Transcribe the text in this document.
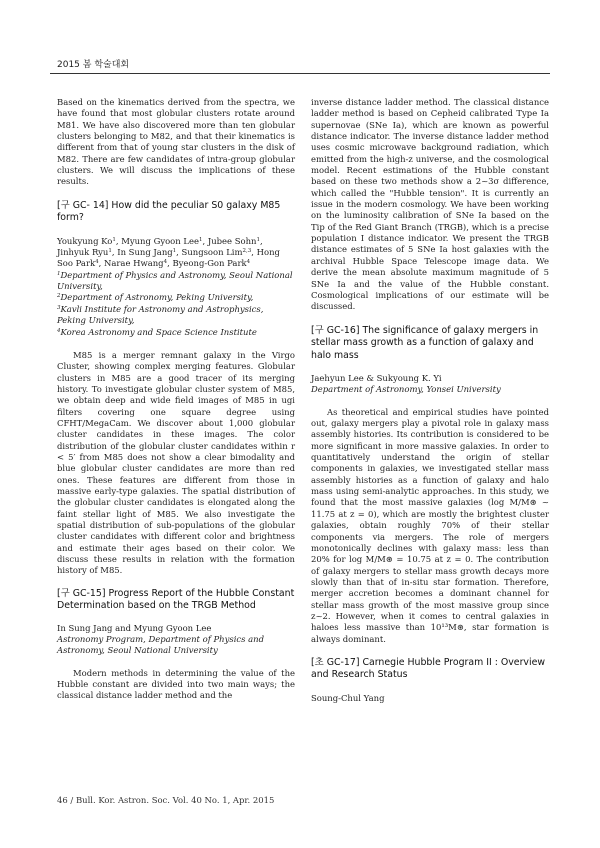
2015 봄 학술대회

Based on the kinematics derived from the spectra, we have found that most globular clusters rotate around M81. We have also discovered more than ten globular clusters belonging to M82, and that their kinematics is different from that of young star clusters in the disk of M82. There are few candidates of intra-group globular clusters. We will discuss the implications of these results.

[구 GC- 14] How did the peculiar S0 galaxy M85 form?
Youkyung Ko$^1$, Myung Gyoon Lee$^1$, Jubee Sohn$^1$, Jinhyuk Ryu$^1$, In Sung Jang$^1$, Sungsoon Lim$^{2,3}$, Hong Soo Park$^4$, Narae Hwang$^4$, Byeong-Gon Park$^4$
$^1$Department of Physics and Astronomy, Seoul National University,
$^2$Department of Astronomy, Peking University,
$^3$Kavli Institute for Astronomy and Astrophysics, Peking University,
$^4$Korea Astronomy and Space Science Institute

M85 is a merger remnant galaxy in the Virgo Cluster, showing complex merging features. Globular clusters in M85 are a good tracer of its merging history. To investigate globular cluster system of M85, we obtain deep and wide field images of M85 in ugi filters covering one square degree using CFHT/MegaCam. We discover about 1,000 globular cluster candidates in these images. The color distribution of the globular cluster candidates within r < 5′ from M85 does not show a clear bimodality and blue globular cluster candidates are more than red ones. These features are different from those in massive early-type galaxies. The spatial distribution of the globular cluster candidates is elongated along the faint stellar light of M85. We also investigate the spatial distribution of sub-populations of the globular cluster candidates with different color and brightness and estimate their ages based on their color. We discuss these results in relation with the formation history of M85.

[구 GC-15] Progress Report of the Hubble Constant Determination based on the TRGB Method
In Sung Jang and Myung Gyoon Lee
Astronomy Program, Department of Physics and Astronomy, Seoul National University

Modern methods in determining the value of the Hubble constant are divided into two main ways; the classical distance ladder method and the

inverse distance ladder method. The classical distance ladder method is based on Cepheid calibrated Type Ia supernovae (SNe Ia), which are known as powerful distance indicator. The inverse distance ladder method uses cosmic microwave background radiation, which emitted from the high-z universe, and the cosmological model. Recent estimations of the Hubble constant based on these two methods show a 2~3σ difference, which called the "Hubble tension". It is currently an issue in the modern cosmology. We have been working on the luminosity calibration of SNe Ia based on the Tip of the Red Giant Branch (TRGB), which is a precise population I distance indicator. We present the TRGB distance estimates of 5 SNe Ia host galaxies with the archival Hubble Space Telescope image data. We derive the mean absolute maximum magnitude of 5 SNe Ia and the value of the Hubble constant. Cosmological implications of our estimate will be discussed.

[구 GC-16] The significance of galaxy mergers in stellar mass growth as a function of galaxy and halo mass
Jaehyun Lee & Sukyoung K. Yi
Department of Astronomy, Yonsei University

As theoretical and empirical studies have pointed out, galaxy mergers play a pivotal role in galaxy mass assembly histories. Its contribution is considered to be more significant in more massive galaxies. In order to quantitatively understand the origin of stellar components in galaxies, we investigated stellar mass assembly histories as a function of galaxy and halo mass using semi-analytic approaches. In this study, we found that the most massive galaxies (log M/M⊛ ~ 11.75 at z = 0), which are mostly the brightest cluster galaxies, obtain roughly 70% of their stellar components via mergers. The role of mergers monotonically declines with galaxy mass: less than 20% for log M/M⊛ = 10.75 at z = 0. The contribution of galaxy mergers to stellar mass growth decays more slowly than that of in-situ star formation. Therefore, merger accretion becomes a dominant channel for stellar mass growth of the most massive group since z~2. However, when it comes to central galaxies in haloes less massive than 10¹³M⊛, star formation is always dominant.

[초 GC-17] Carnegie Hubble Program II : Overview and Research Status
Soung-Chul Yang
46 / Bull. Kor. Astron. Soc. Vol. 40 No. 1, Apr. 2015
